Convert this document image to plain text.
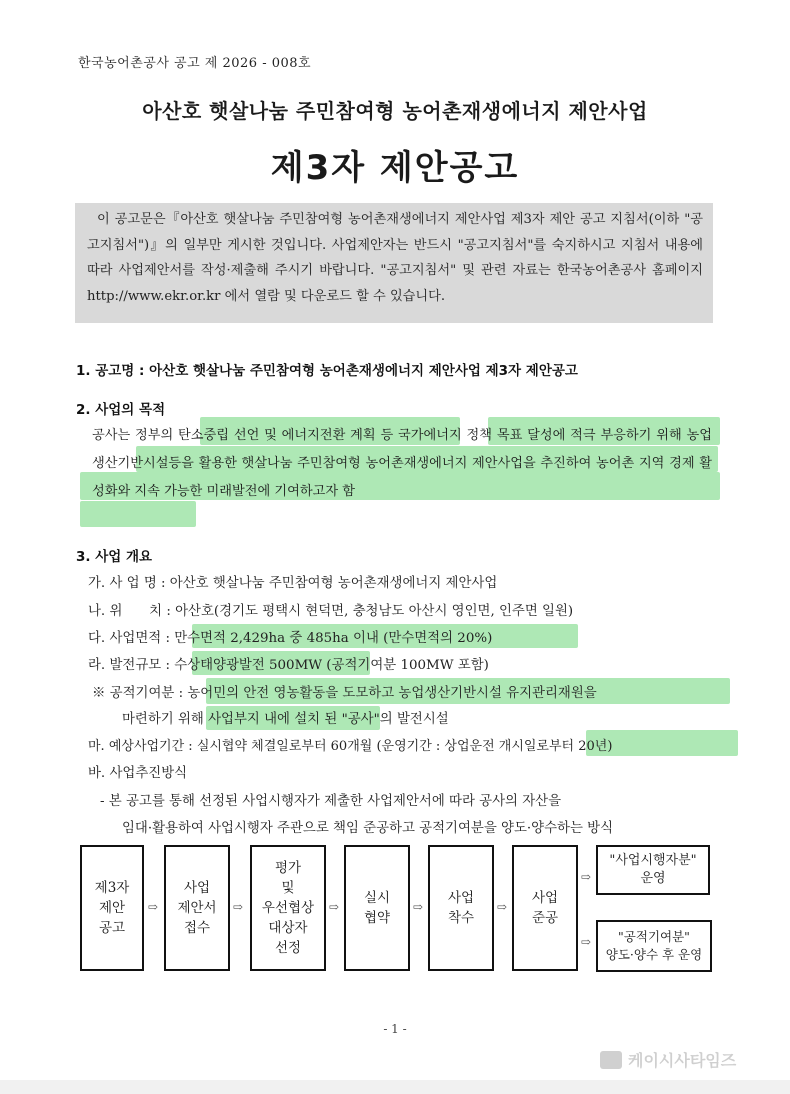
한국농어촌공사 공고 제 2026 - 008호
아산호 햇살나눔 주민참여형 농어촌재생에너지 제안사업
제3자 제안공고

이 공고문은『아산호 햇살나눔 주민참여형 농어촌재생에너지 제안사업 제3자 제안 공고 지침서(이하 "공고지침서")』의 일부만 게시한 것입니다. 사업제안자는 반드시 "공고지침서"를 숙지하시고 지침서 내용에 따라 사업제안서를 작성·제출해 주시기 바랍니다. "공고지침서" 및 관련 자료는 한국농어촌공사 홈페이지 http://www.ekr.or.kr 에서 열람 및 다운로드 할 수 있습니다.

1. 공고명 : 아산호 햇살나눔 주민참여형 농어촌재생에너지 제안사업 제3자 제안공고
2. 사업의 목적

공사는 정부의 탄소중립 선언 및 에너지전환 계획 등 국가에너지 정책 목표 달성에 적극 부응하기 위해 농업생산기반시설등을 활용한 햇살나눔 주민참여형 농어촌재생에너지 제안사업을 추진하여 농어촌 지역 경제 활성화와 지속 가능한 미래발전에 기여하고자 함

3. 사업 개요
가. 사 업 명 : 아산호 햇살나눔 주민참여형 농어촌재생에너지 제안사업
나. 위　　치 : 아산호(경기도 평택시 현덕면, 충청남도 아산시 영인면, 인주면 일원)
다. 사업면적 : 만수면적 2,429ha 중 485ha 이내 (만수면적의 20%)
라. 발전규모 : 수상태양광발전 500MW (공적기여분 100MW 포함)
※ 공적기여분 : 농어민의 안전 영농활동을 도모하고 농업생산기반시설 유지관리재원을
마련하기 위해 사업부지 내에 설치 된 "공사"의 발전시설
마. 예상사업기간 : 실시협약 체결일로부터 60개월 (운영기간 : 상업운전 개시일로부터 20년)
바. 사업추진방식
- 본 공고를 통해 선정된 사업시행자가 제출한 사업제안서에 따라 공사의 자산을
임대·활용하여 사업시행자 주관으로 책임 준공하고 공적기여분을 양도·양수하는 방식
제3자
제안
공고
⇨
사업
제안서
접수
⇨
평가
및
우선협상
대상자
선정
⇨
실시
협약
⇨
사업
착수
⇨
사업
준공
⇨
⇨
"사업시행자분"
운영
"공적기여분"
양도·양수 후 운영
- 1 -
케이시사타임즈
